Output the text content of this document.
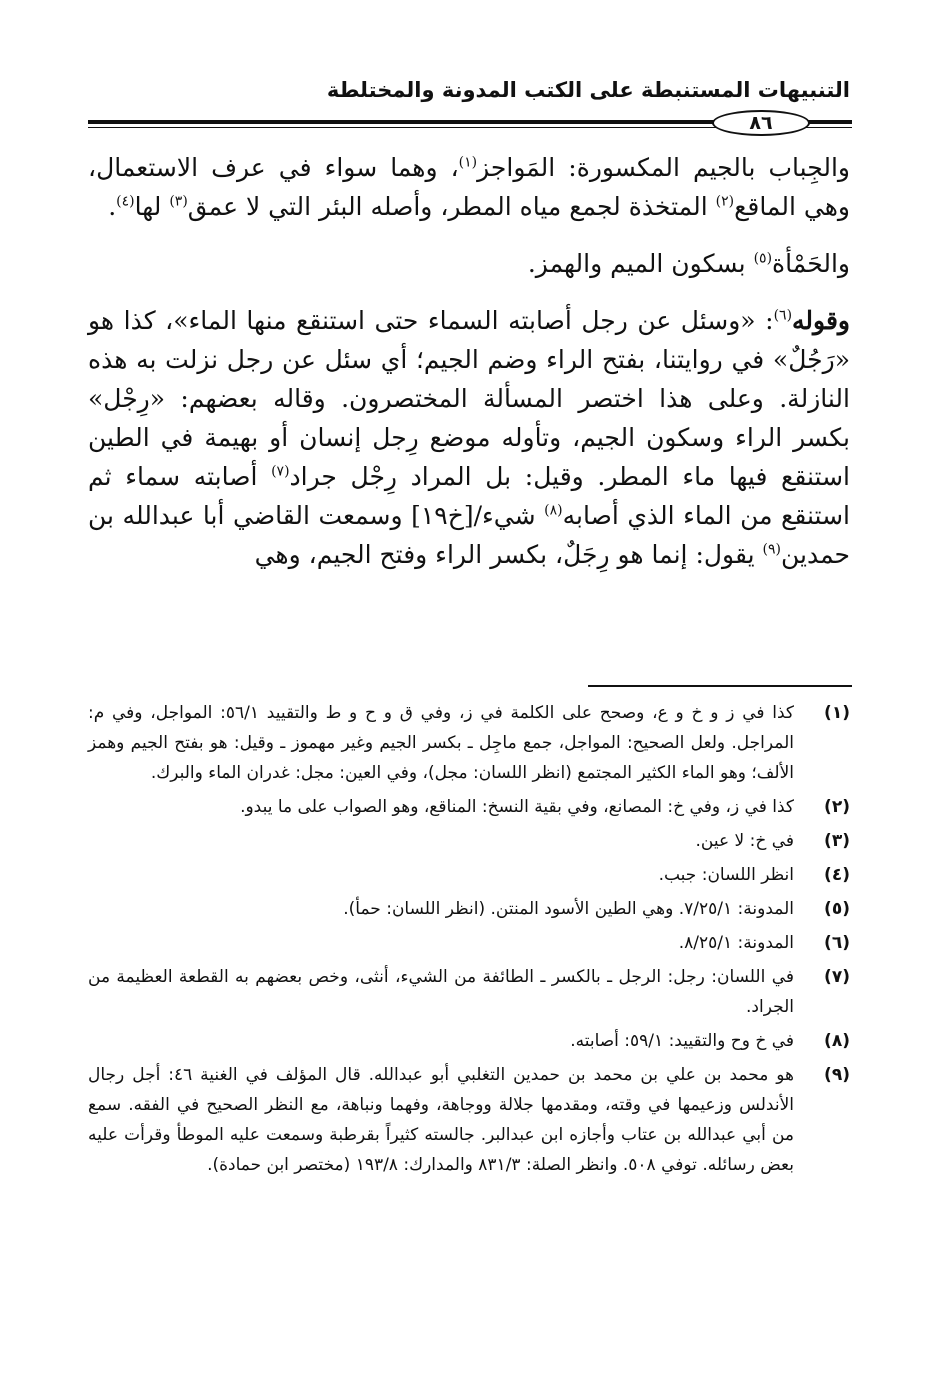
التنبيهات المستنبطة على الكتب المدونة والمختلطة
٨٦

والجِباب بالجيم المكسورة: المَواجز$^{(١)}$، وهما سواء في عرف الاستعمال، وهي الماقع$^{(٢)}$ المتخذة لجمع مياه المطر، وأصله البئر التي لا عمق$^{(٣)}$ لها$^{(٤)}$.

والحَمْأة$^{(٥)}$ بسكون الميم والهمز.

وقوله$^{(٦)}$: «وسئل عن رجل أصابته السماء حتى استنقع منها الماء»، كذا هو «رَجُلٌ» في روايتنا، بفتح الراء وضم الجيم؛ أي سئل عن رجل نزلت به هذه النازلة. وعلى هذا اختصر المسألة المختصرون. وقاله بعضهم: «رِجْل» بكسر الراء وسكون الجيم، وتأوله موضع رِجل إنسان أو بهيمة في الطين استنقع فيها ماء المطر. وقيل: بل المراد رِجْل جراد$^{(٧)}$ أصابته سماء ثم استنقع من الماء الذي أصابه$^{(٨)}$ شيء/[خ١٩] وسمعت القاضي أبا عبدالله بن حمدين$^{(٩)}$ يقول: إنما هو رِجَلٌ، بكسر الراء وفتح الجيم، وهي

(١)
كذا في ز و خ و ع، وصحح على الكلمة في ز، وفي ق و ح و ط والتقييد ٥٦/١: المواجل، وفي م: المراجل. ولعل الصحيح: المواجل، جمع ماجِل ـ بكسر الجيم وغير مهموز ـ وقيل: هو بفتح الجيم وهمز الألف؛ وهو الماء الكثير المجتمع (انظر اللسان: مجل)، وفي العين: مجل: غدران الماء والبرك.
(٢)
كذا في ز، وفي خ: المصانع، وفي بقية النسخ: المناقع، وهو الصواب على ما يبدو.
(٣)
في خ: لا عين.
(٤)
انظر اللسان: جبب.
(٥)
المدونة: ٧/٢٥/١. وهي الطين الأسود المنتن. (انظر اللسان: حمأ).
(٦)
المدونة: ٨/٢٥/١.
(٧)
في اللسان: رجل: الرجل ـ بالكسر ـ الطائفة من الشيء، أنثى، وخص بعضهم به القطعة العظيمة من الجراد.
(٨)
في خ وح والتقييد: ٥٩/١: أصابته.
(٩)
هو محمد بن علي بن محمد بن حمدين التغلبي أبو عبدالله. قال المؤلف في الغنية ٤٦: أجل رجال الأندلس وزعيمها في وقته، ومقدمها جلالة ووجاهة، وفهما ونباهة، مع النظر الصحيح في الفقه. سمع من أبي عبدالله بن عتاب وأجازه ابن عبدالبر. جالسته كثيراً بقرطبة وسمعت عليه الموطأ وقرأت عليه بعض رسائله. توفي ٥٠٨. وانظر الصلة: ٨٣١/٣ والمدارك: ١٩٣/٨ (مختصر ابن حمادة).
